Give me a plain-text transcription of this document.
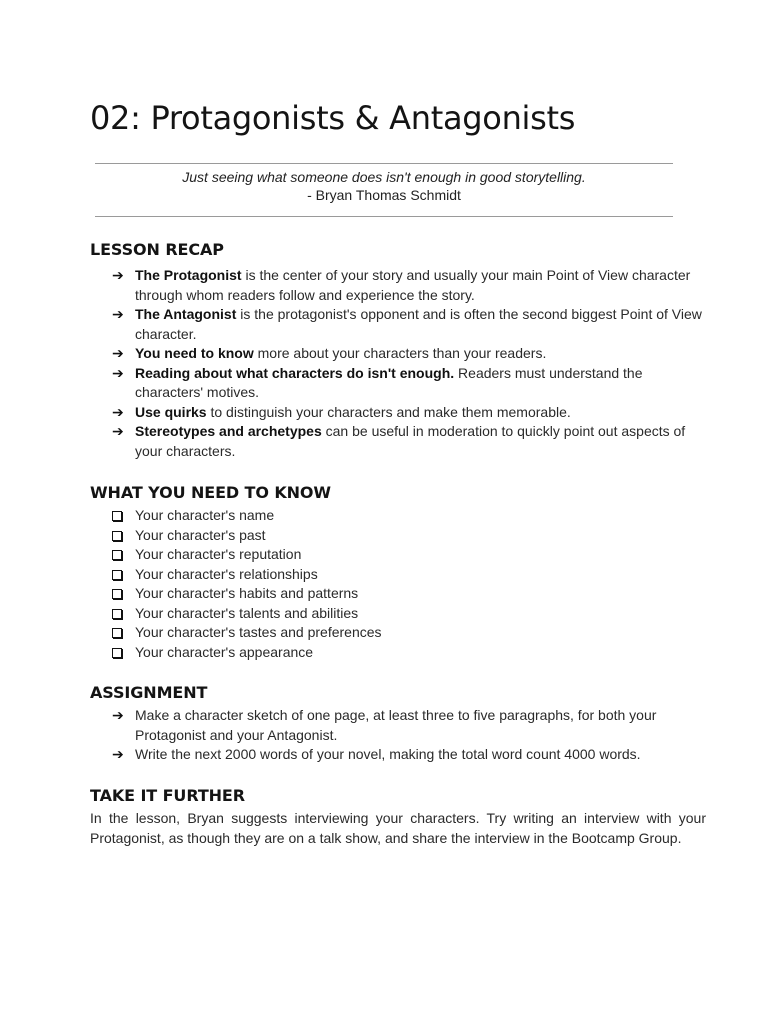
02: Protagonists & Antagonists
Just seeing what someone does isn't enough in good storytelling.
- Bryan Thomas Schmidt
LESSON RECAP
➔ The Protagonist is the center of your story and usually your main Point of View character through whom readers follow and experience the story.
➔ The Antagonist is the protagonist's opponent and is often the second biggest Point of View character.
➔ You need to know more about your characters than your readers.
➔ Reading about what characters do isn't enough. Readers must understand the characters' motives.
➔ Use quirks to distinguish your characters and make them memorable.
➔ Stereotypes and archetypes can be useful in moderation to quickly point out aspects of your characters.
WHAT YOU NEED TO KNOW
Your character's name
Your character's past
Your character's reputation
Your character's relationships
Your character's habits and patterns
Your character's talents and abilities
Your character's tastes and preferences
Your character's appearance
ASSIGNMENT
➔ Make a character sketch of one page, at least three to five paragraphs, for both your Protagonist and your Antagonist.
➔ Write the next 2000 words of your novel, making the total word count 4000 words.
TAKE IT FURTHER

In the lesson, Bryan suggests interviewing your characters. Try writing an interview with your Protagonist, as though they are on a talk show, and share the interview in the Bootcamp Group.
